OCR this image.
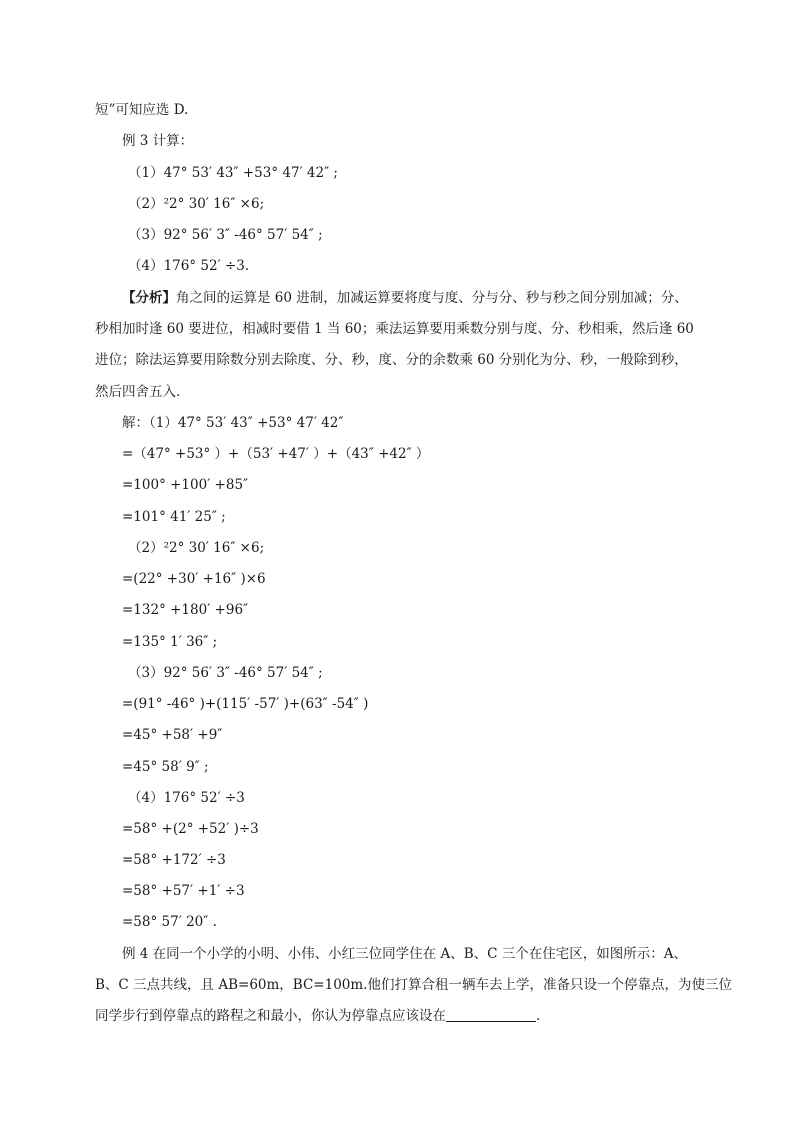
短”可知应选 D.
例 3 计算：
（1）47° 53′ 43″ +53° 47′ 42″ ;
（2）²2° 30′ 16″ ×6;
（3）92° 56′ 3″ -46° 57′ 54″ ;
（4）176° 52′ ÷3.
【分析】角之间的运算是 60 进制，加减运算要将度与度、分与分、秒与秒之间分别加减；分、
秒相加时逢 60 要进位，相减时要借 1 当 60；乘法运算要用乘数分别与度、分、秒相乘，然后逢 60
进位；除法运算要用除数分别去除度、分、秒，度、分的余数乘 60 分别化为分、秒，一般除到秒，
然后四舍五入.
解：（1）47° 53′ 43″ +53° 47′ 42″
=（47° +53° ）+（53′ +47′ ）+（43″ +42″ ）
=100° +100′ +85″
=101° 41′ 25″ ;
（2）²2° 30′ 16″ ×6;
=(22° +30′ +16″ )×6
=132° +180′ +96″
=135° 1′ 36″ ;
（3）92° 56′ 3″ -46° 57′ 54″ ;
=(91° -46° )+(115′ -57′ )+(63″ -54″ )
=45° +58′ +9″
=45° 58′ 9″ ;
（4）176° 52′ ÷3
=58° +(2° +52′ )÷3
=58° +172′ ÷3
=58° +57′ +1′ ÷3
=58° 57′ 20″ .
例 4 在同一个小学的小明、小伟、小红三位同学住在 A、B、C 三个在住宅区，如图所示：A、
B、C 三点共线，且 AB=60m，BC=100m.他们打算合租一辆车去上学，准备只设一个停靠点，为使三位
同学步行到停靠点的路程之和最小，你认为停靠点应该设在	.
